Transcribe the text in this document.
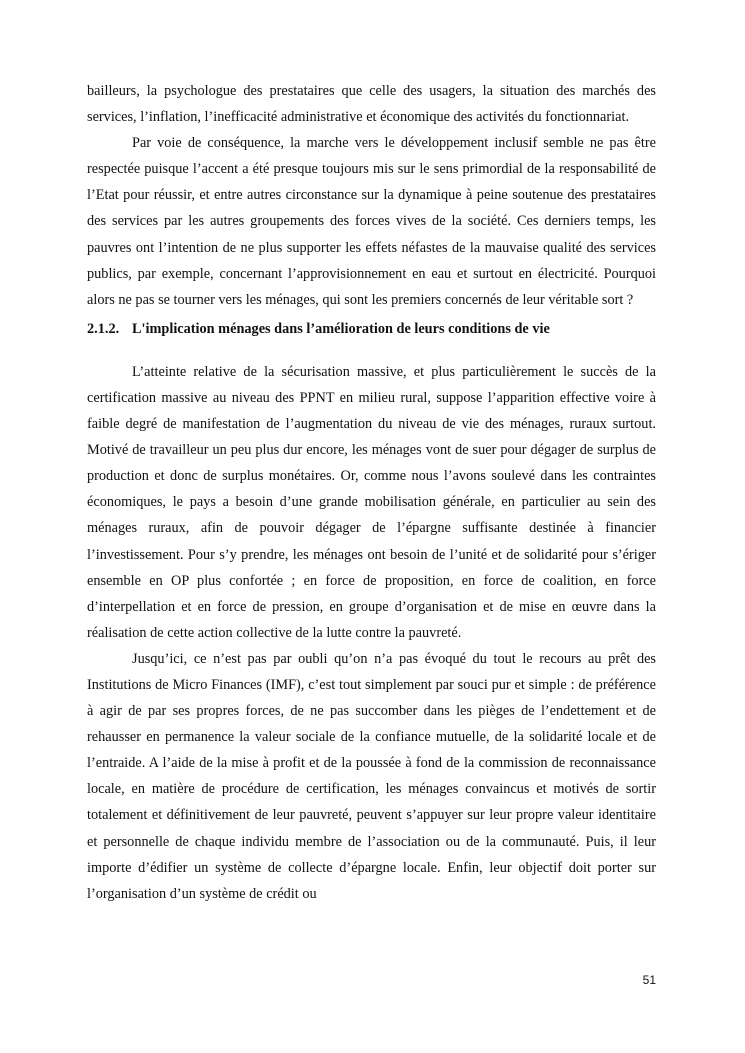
bailleurs, la psychologue des prestataires que celle des usagers, la situation des marchés des services, l’inflation, l’inefficacité administrative et économique des activités du fonctionnariat.

Par voie de conséquence, la marche vers le développement inclusif semble ne pas être respectée puisque l’accent a été presque toujours mis sur le sens primordial de la responsabilité de l’Etat pour réussir, et entre autres circonstance sur la dynamique à peine soutenue des prestataires des services par les autres groupements des forces vives de la société. Ces derniers temps, les pauvres ont l’intention de ne plus supporter les effets néfastes de la mauvaise qualité des services publics, par exemple, concernant l’approvisionnement en eau et surtout en électricité. Pourquoi alors ne pas se tourner vers les ménages, qui sont les premiers concernés de leur véritable sort ?

2.1.2. L'implication ménages dans l’amélioration de leurs conditions de vie

L’atteinte relative de la sécurisation massive, et plus particulièrement le succès de la certification massive au niveau des PPNT en milieu rural, suppose l’apparition effective voire à faible degré de manifestation de l’augmentation du niveau de vie des ménages, ruraux surtout. Motivé de travailleur un peu plus dur encore, les ménages vont de suer pour dégager de surplus de production et donc de surplus monétaires. Or, comme nous l’avons soulevé dans les contraintes économiques, le pays a besoin d’une grande mobilisation générale, en particulier au sein des ménages ruraux, afin de pouvoir dégager de l’épargne suffisante destinée à financier l’investissement. Pour s’y prendre, les ménages ont besoin de l’unité et de solidarité pour s’ériger ensemble en OP plus confortée ; en force de proposition, en force de coalition, en force d’interpellation et en force de pression, en groupe d’organisation et de mise en œuvre dans la réalisation de cette action collective de la lutte contre la pauvreté.

Jusqu’ici, ce n’est pas par oubli qu’on n’a pas évoqué du tout le recours au prêt des Institutions de Micro Finances (IMF), c’est tout simplement par souci pur et simple : de préférence à agir de par ses propres forces, de ne pas succomber dans les pièges de l’endettement et de rehausser en permanence la valeur sociale de la confiance mutuelle, de la solidarité locale et de l’entraide. A l’aide de la mise à profit et de la poussée à fond de la commission de reconnaissance locale, en matière de procédure de certification, les ménages convaincus et motivés de sortir totalement et définitivement de leur pauvreté, peuvent s’appuyer sur leur propre valeur identitaire et personnelle de chaque individu membre de l’association ou de la communauté. Puis, il leur importe d’édifier un système de collecte d’épargne locale. Enfin, leur objectif doit porter sur l’organisation d’un système de crédit ou

51
